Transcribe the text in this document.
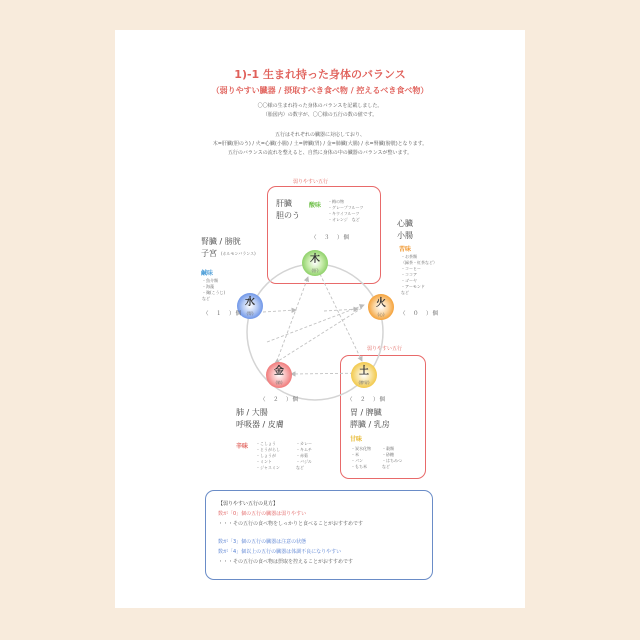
1)-1 生まれ持った身体のバランス
（弱りやすい臓器 / 摂取すべき食べ物 / 控えるべき食べ物）
〇〇様の生まれ持った身体のバランスを記載しました。
（胎図内）の数字が、〇〇様の五行の数の値です。
五行はそれぞれの臓器に対応しており、
木=肝臓(胆のう) / 火=心臓(小腸) / 土=脾臓(胃) / 金=肺臓(大腸) / 水=腎臓(膀胱)となります。
五行のバランスの流れを整えると、自然に身体の中の臓器のバランスが整います。
弱りやすい五行
弱りやすい五行
木
(肝)
火
(心)
土
(脾胃)
金
(肺)
水
(腎)
肝臓
胆のう
酸味
・梅の物
・グレープフルーツ
・キウイフルーツ
・オレンジ　など
（　３　）個
心臓
小腸
苦味
・お茶類
（緑茶・紅茶など）
・コーヒー
・ココア
・ゴーヤ
・アーモンド
など
（　０　）個
腎臓 / 膀胱
子宮	(ホルモンバランス)
鹹味
・魚介類
・海藻
・麹(こうじ)
など
（　１　）個
（　２　）個
肺 / 大腸
呼吸器 / 皮膚
辛味 ・こしょう
・とうがらし
・しょうが
・ミント
・ジャスミン
・カレー
・キムチ
・赤菊
・バジル
など
（　２　）個
胃 / 脾臓
膵臓 / 乳房
甘味
・炭水化物
・米
・パン
・もち米
・穀類
・砂糖
・はちみつ
など
【弱りやすい五行の見方】
数が「0」個の五行の臓器は弱りやすい
・・・その五行の食べ物をしっかりと食べることがおすすめです
数が「3」個の五行の臓器は注意の状態
数が「4」個以上の五行の臓器は体調不良になりやすい
・・・その五行の食べ物は摂取を控えることがおすすめです
